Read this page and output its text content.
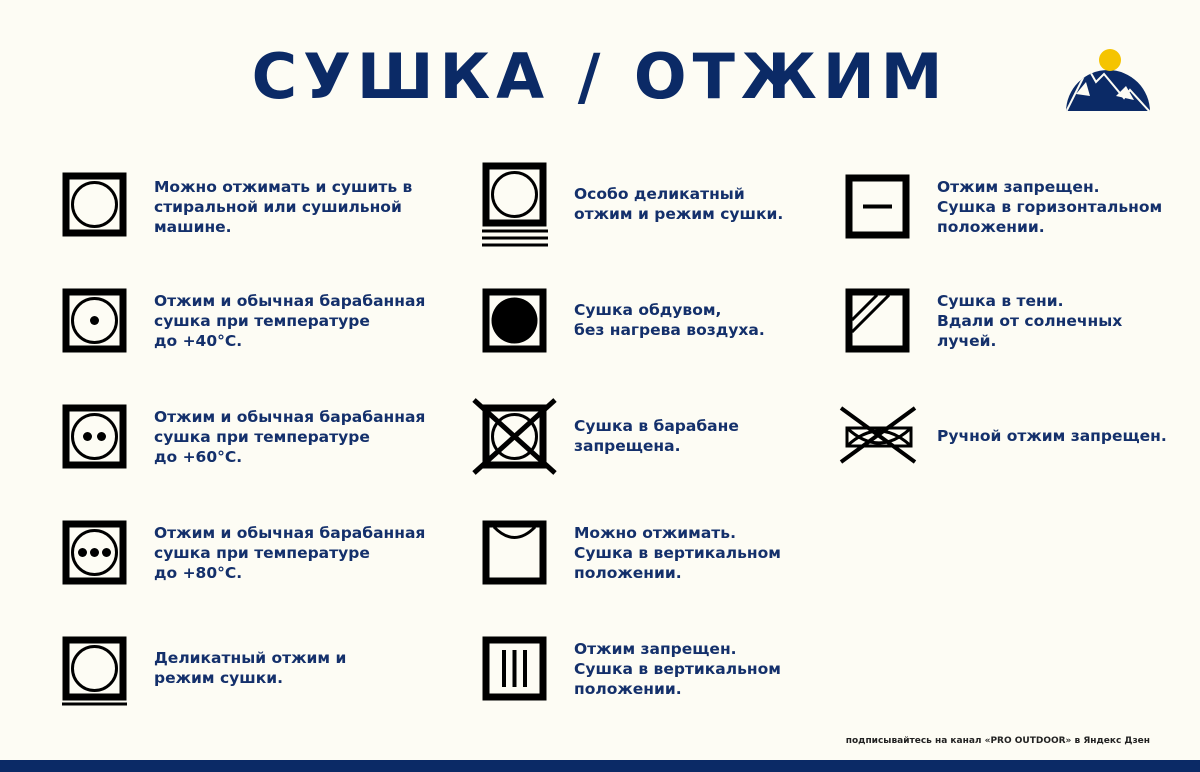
СУШКА / ОТЖИМ
Можно отжимать и сушить в
стиральной или сушильной
машине.
Отжим и обычная барабанная
сушка при температуре
до +40°С.
Отжим и обычная барабанная
сушка при температуре
до +60°С.
Отжим и обычная барабанная
сушка при температуре
до +80°С.
Деликатный отжим и
режим сушки.
Особо деликатный
отжим и режим сушки.
Сушка обдувом,
без нагрева воздуха.
Сушка в барабане
запрещена.
Можно отжимать.
Сушка в вертикальном
положении.
Отжим запрещен.
Сушка в вертикальном
положении.
Отжим запрещен.
Сушка в горизонтальном
положении.
Сушка в тени.
Вдали от солнечных
лучей.
Ручной отжим запрещен.
подписывайтесь на канал «PRO OUTDOOR» в Яндекс Дзен
